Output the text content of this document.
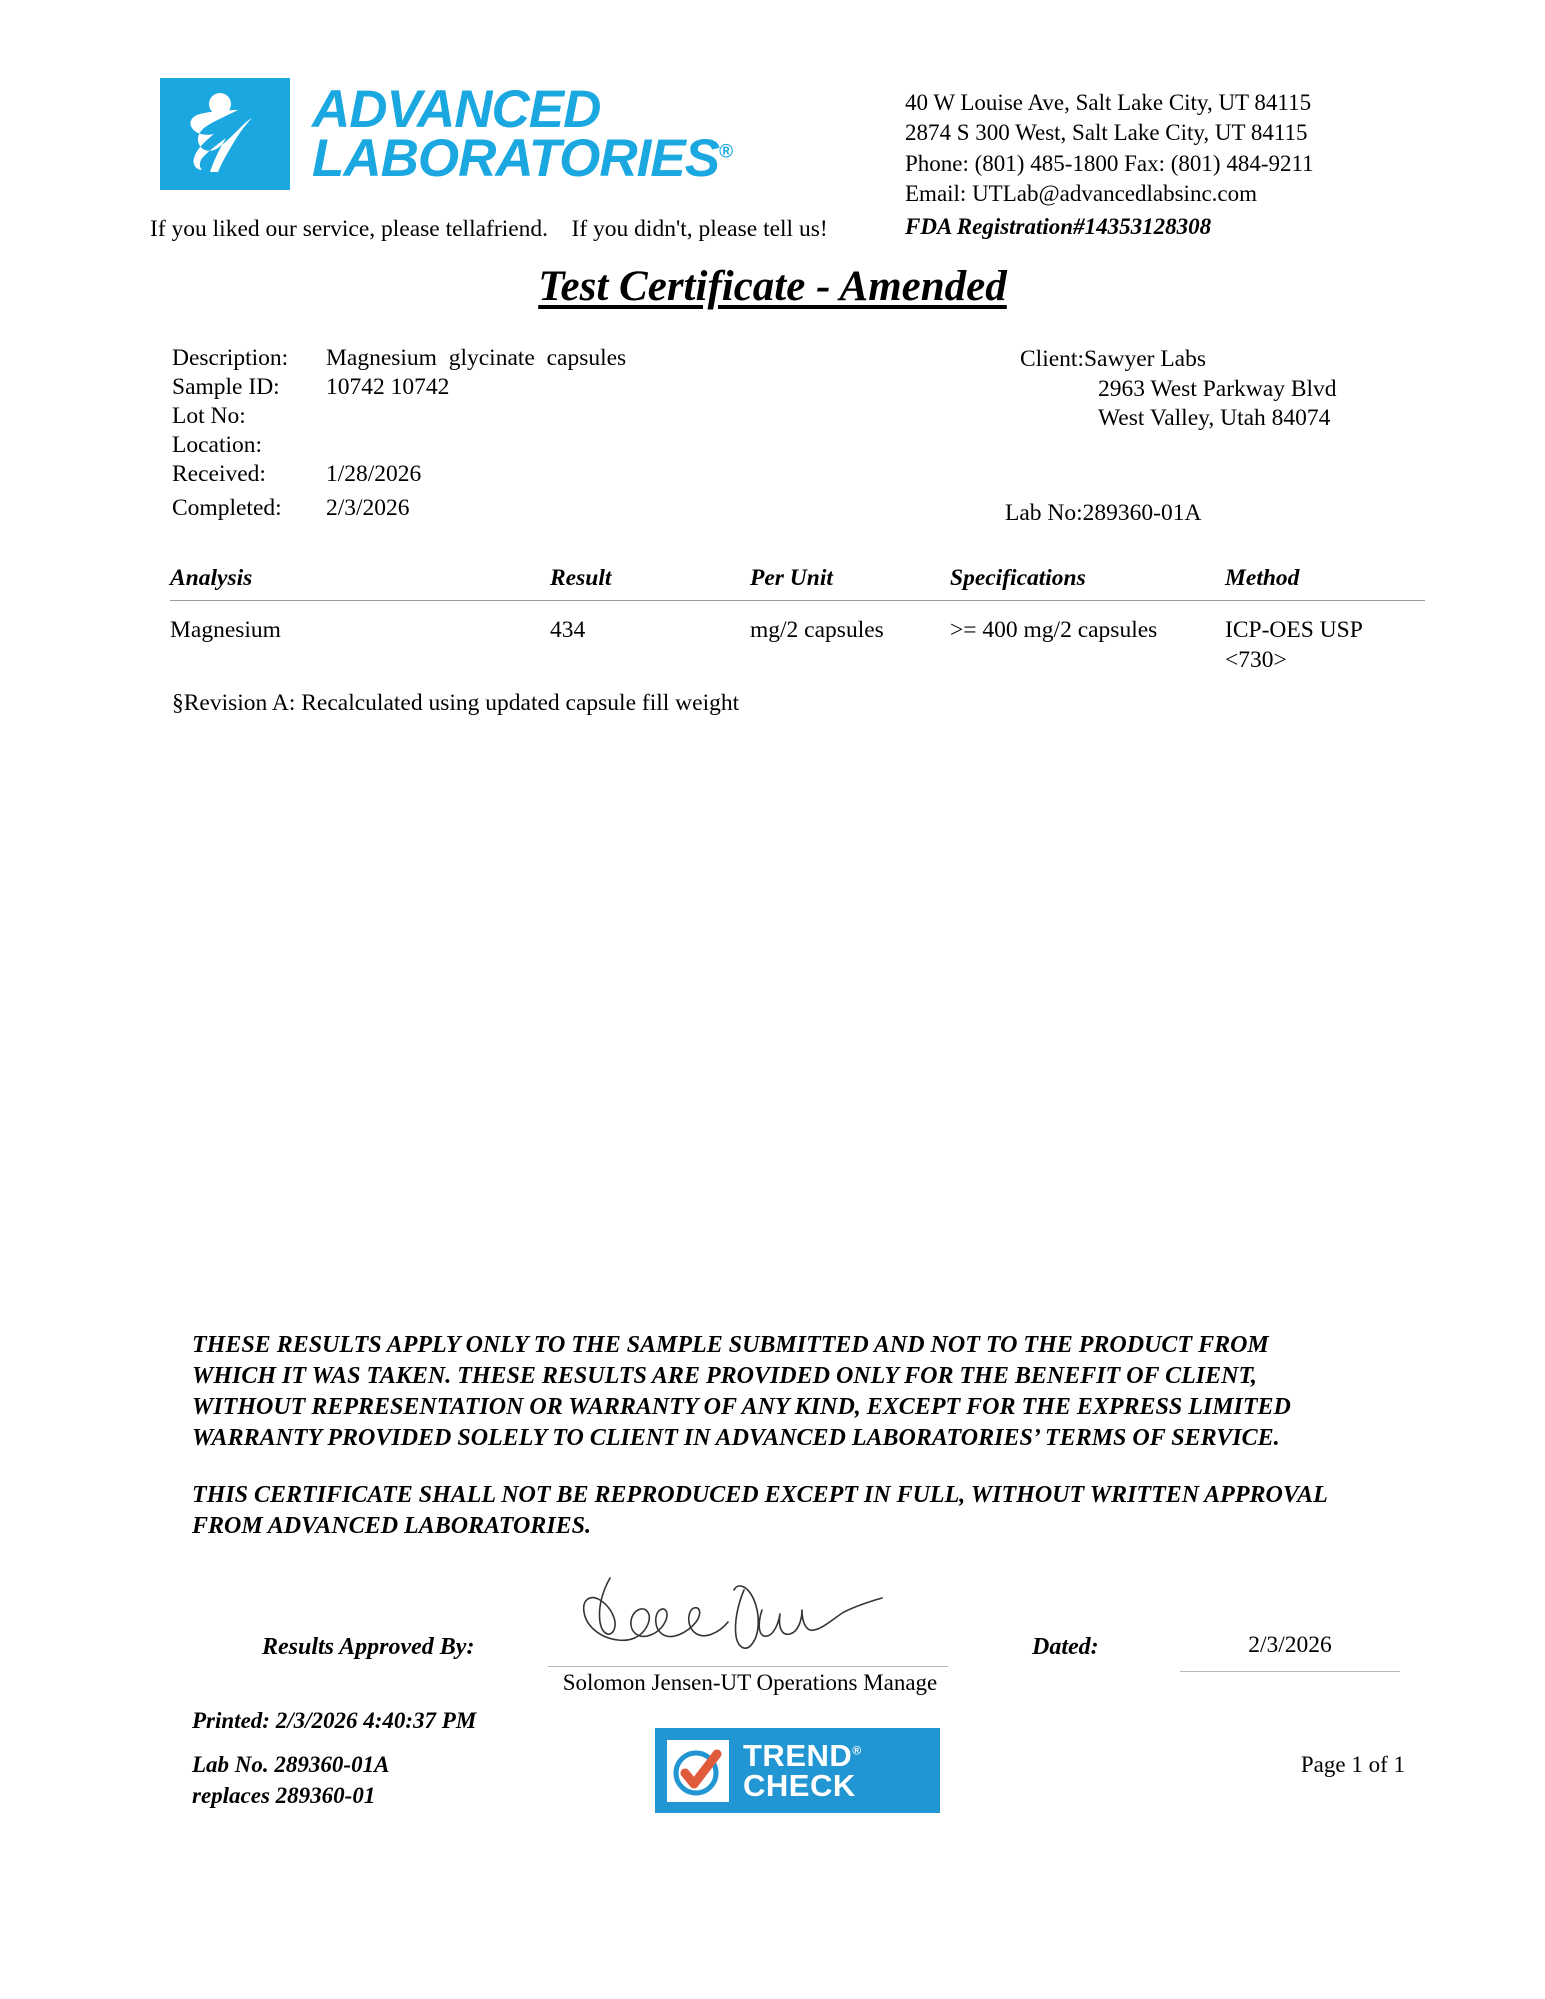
ADVANCED
LABORATORIES®
40 W Louise Ave, Salt Lake City, UT 84115
2874 S 300 West, Salt Lake City, UT 84115
Phone: (801) 485-1800 Fax: (801) 484-9211
Email: UTLab@advancedlabsinc.com
FDA Registration#14353128308
If you liked our service, please tellafriend.    If you didn't, please tell us!
Test Certificate - Amended
Description:	Magnesium  glycinate  capsules
Sample ID:	10742 10742
Lot No:
Location:
Received:	1/28/2026
Completed:	2/3/2026
Client:Sawyer Labs
2963 West Parkway Blvd
West Valley, Utah 84074
Lab No:289360-01A
Analysis	Result	Per Unit	Specifications	Method
Magnesium	434	mg/2 capsules	>= 400 mg/2 capsules	ICP-OES USP <730>
§Revision A: Recalculated using updated capsule fill weight
THESE RESULTS APPLY ONLY TO THE SAMPLE SUBMITTED AND NOT TO THE PRODUCT FROM WHICH IT WAS TAKEN. THESE RESULTS ARE PROVIDED ONLY FOR THE BENEFIT OF CLIENT, WITHOUT REPRESENTATION OR WARRANTY OF ANY KIND, EXCEPT FOR THE EXPRESS LIMITED WARRANTY PROVIDED SOLELY TO CLIENT IN ADVANCED LABORATORIES’ TERMS OF SERVICE.
THIS CERTIFICATE SHALL NOT BE REPRODUCED EXCEPT IN FULL, WITHOUT WRITTEN APPROVAL FROM ADVANCED LABORATORIES.
Results Approved By:
Solomon Jensen-UT Operations Manage
Dated:	2/3/2026
Printed: 2/3/2026 4:40:37 PM
Lab No. 289360-01A
replaces 289360-01
TREND®
CHECK
Page 1 of 1
